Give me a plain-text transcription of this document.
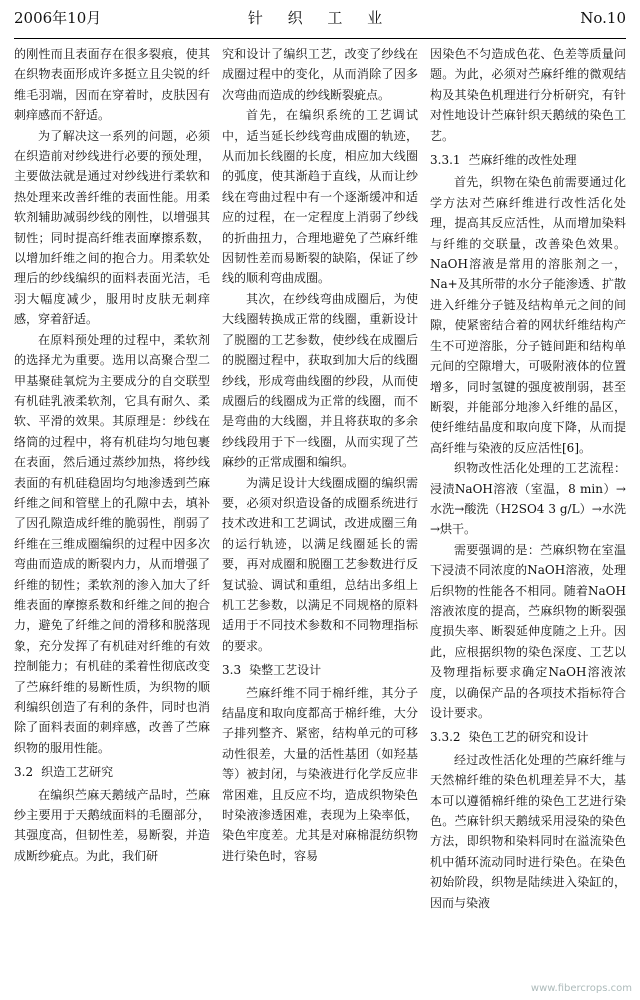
2006年10月	针 织 工 业	No.10

的刚性而且表面存在很多裂痕，使其在织物表面形成许多挺立且尖锐的纤维毛羽端，因而在穿着时，皮肤因有刺痒感而不舒适。

为了解决这一系列的问题，必须在织造前对纱线进行必要的预处理，主要做法就是通过对纱线进行柔软和热处理来改善纤维的表面性能。用柔软剂辅助减弱纱线的刚性，以增强其韧性；同时提高纤维表面摩擦系数，以增加纤维之间的抱合力。用柔软处理后的纱线编织的面料表面光洁，毛羽大幅度减少，服用时皮肤无刺痒感，穿着舒适。

在原料预处理的过程中，柔软剂的选择尤为重要。选用以高聚合型二甲基聚硅氧烷为主要成分的自交联型有机硅乳液柔软剂，它具有耐久、柔软、平滑的效果。其原理是：纱线在络筒的过程中，将有机硅均匀地包裹在表面，然后通过蒸纱加热，将纱线表面的有机硅稳固均匀地渗透到苎麻纤维之间和管壁上的孔隙中去，填补了因孔隙造成纤维的脆弱性，削弱了纤维在三维成圈编织的过程中因多次弯曲而造成的断裂内力，从而增强了纤维的韧性；柔软剂的渗入加大了纤维表面的摩擦系数和纤维之间的抱合力，避免了纤维之间的滑移和脱落现象，充分发挥了有机硅对纤维的有效控制能力；有机硅的柔着性彻底改变了苎麻纤维的易断性质，为织物的顺利编织创造了有利的条件，同时也消除了面料表面的刺痒感，改善了苎麻织物的服用性能。

3.2 织造工艺研究

在编织苎麻天鹅绒产品时，苎麻纱主要用于天鹅绒面料的毛圈部分，其强度高，但韧性差，易断裂，并造成断纱疵点。为此，我们研

究和设计了编织工艺，改变了纱线在成圈过程中的变化，从而消除了因多次弯曲而造成的纱线断裂疵点。

首先，在编织系统的工艺调试中，适当延长纱线弯曲成圈的轨迹，从而加长线圈的长度，相应加大线圈的弧度，使其渐趋于直线，从而让纱线在弯曲过程中有一个逐渐缓冲和适应的过程，在一定程度上消弱了纱线的折曲扭力，合理地避免了苎麻纤维因韧性差而易断裂的缺陷，保证了纱线的顺利弯曲成圈。

其次，在纱线弯曲成圈后，为使大线圈转换成正常的线圈，重新设计了脱圈的工艺参数，使纱线在成圈后的脱圈过程中，获取到加大后的线圈纱线，形成弯曲线圈的纱段，从而使成圈后的线圈成为正常的线圈，而不是弯曲的大线圈，并且将获取的多余纱线段用于下一线圈，从而实现了苎麻纱的正常成圈和编织。

为满足设计大线圈成圈的编织需要，必须对织造设备的成圈系统进行技术改进和工艺调试，改进成圈三角的运行轨迹，以满足线圈延长的需要，再对成圈和脱圈工艺参数进行反复试验、调试和重组，总结出多组上机工艺参数，以满足不同规格的原料适用于不同技术参数和不同物理指标的要求。

3.3 染整工艺设计

苎麻纤维不同于棉纤维，其分子结晶度和取向度都高于棉纤维，大分子排列整齐、紧密，结构单元的可移动性很差，大量的活性基团（如羟基等）被封闭，与染液进行化学反应非常困难，且反应不均，造成织物染色时染液渗透困难，表现为上染率低，染色牢度差。尤其是对麻棉混纺织物进行染色时，容易

因染色不匀造成色花、色差等质量问题。为此，必须对苎麻纤维的微观结构及其染色机理进行分析研究，有针对性地设计苎麻针织天鹅绒的染色工艺。

3.3.1 苎麻纤维的改性处理

首先，织物在染色前需要通过化学方法对苎麻纤维进行改性活化处理，提高其反应活性，从而增加染料与纤维的交联量，改善染色效果。NaOH溶液是常用的溶胀剂之一，Na+及其所带的水分子能渗透、扩散进入纤维分子链及结构单元之间的间隙，使紧密结合着的网状纤维结构产生不可逆溶胀，分子链间距和结构单元间的空隙增大，可吸附液体的位置增多，同时氢键的强度被削弱，甚至断裂，并能部分地渗入纤维的晶区，使纤维结晶度和取向度下降，从而提高纤维与染液的反应活性[6]。

织物改性活化处理的工艺流程：浸渍NaOH溶液（室温，8 min）→水洗→酸洗（H2SO4 3 g/L）→水洗→烘干。

需要强调的是：苎麻织物在室温下浸渍不同浓度的NaOH溶液，处理后织物的性能各不相同。随着NaOH溶液浓度的提高，苎麻织物的断裂强度损失率、断裂延伸度随之上升。因此，应根据织物的染色深度、工艺以及物理指标要求确定NaOH溶液浓度，以确保产品的各项技术指标符合设计要求。

3.3.2 染色工艺的研究和设计

经过改性活化处理的苎麻纤维与天然棉纤维的染色机理差异不大，基本可以遵循棉纤维的染色工艺进行染色。苎麻针织天鹅绒采用浸染的染色方法，即织物和染料同时在溢流染色机中循环流动同时进行染色。在染色初始阶段，织物是陆续进入染缸的，因而与染液

www.fibercrops.com
